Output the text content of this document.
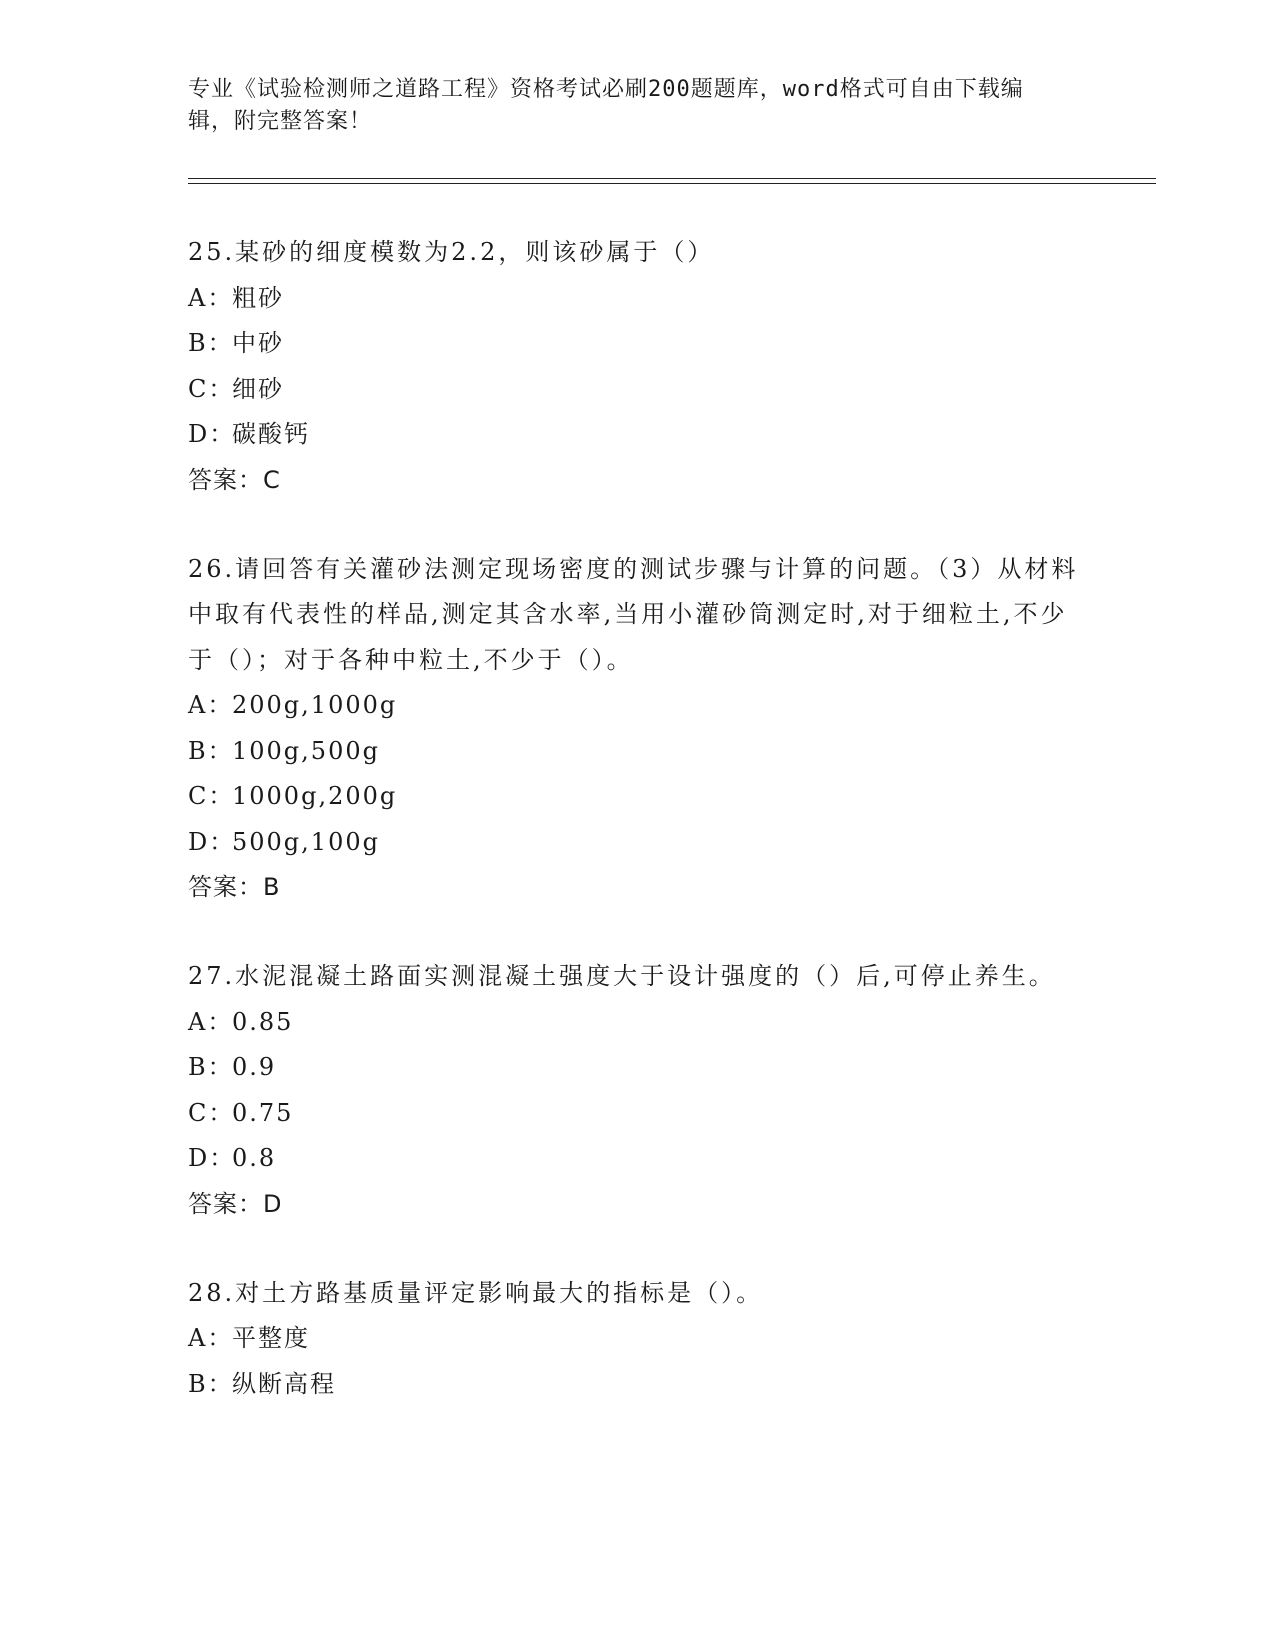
专业《试验检测师之道路工程》资格考试必刷200题题库，word格式可自由下载编辑，附完整答案！

25.某砂的细度模数为2.2，则该砂属于（）

A：粗砂

B：中砂

C：细砂

D：碳酸钙

答案：C

26.请回答有关灌砂法测定现场密度的测试步骤与计算的问题。（3）从材料中取有代表性的样品,测定其含水率,当用小灌砂筒测定时,对于细粒土,不少于（）；对于各种中粒土,不少于（）。

A：200g,1000g

B：100g,500g

C：1000g,200g

D：500g,100g

答案：B

27.水泥混凝土路面实测混凝土强度大于设计强度的（）后,可停止养生。

A：0.85

B：0.9

C：0.75

D：0.8

答案：D

28.对土方路基质量评定影响最大的指标是（）。

A：平整度

B：纵断高程
